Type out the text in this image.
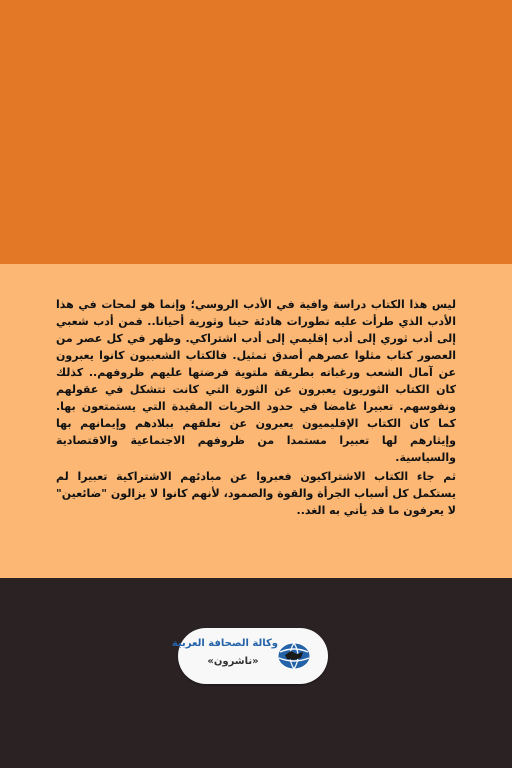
ليس هذا الكتاب دراسة وافية في الأدب الروسي؛ وإنما هو لمحات في هذا الأدب الذي طرأت عليه تطورات هادئة حينا وثورية أحيانا.. فمن أدب شعبي إلى أدب ثوري إلى أدب إقليمي إلى أدب اشتراكي. وظهر في كل عصر من العصور كتاب مثلوا عصرهم أصدق تمثيل. فالكتاب الشعبيون كانوا يعبرون عن آمال الشعب ورغباته بطريقة ملتوية فرضتها عليهم ظروفهم.. كذلك كان الكتاب الثوريون يعبرون عن الثورة التي كانت تتشكل في عقولهم ونفوسهم. تعبيرا غامضا في حدود الحريات المقيدة التي يستمتعون بها. كما كان الكتاب الإقليميون يعبرون عن تعلقهم ببلادهم وإيمانهم بها وإيثارهم لها تعبيرا مستمدا من ظروفهم الاجتماعية والاقتصادية والسياسية.

ثم جاء الكتاب الاشتراكيون فعبروا عن مبادئهم الاشتراكية تعبيرا لم يستكمل كل أسباب الجرأة والقوة والصمود، لأنهم كانوا لا يزالون "ضائعين" لا يعرفون ما قد يأتي به الغد..

وكالة الصحافة العربية
«ناشرون»
